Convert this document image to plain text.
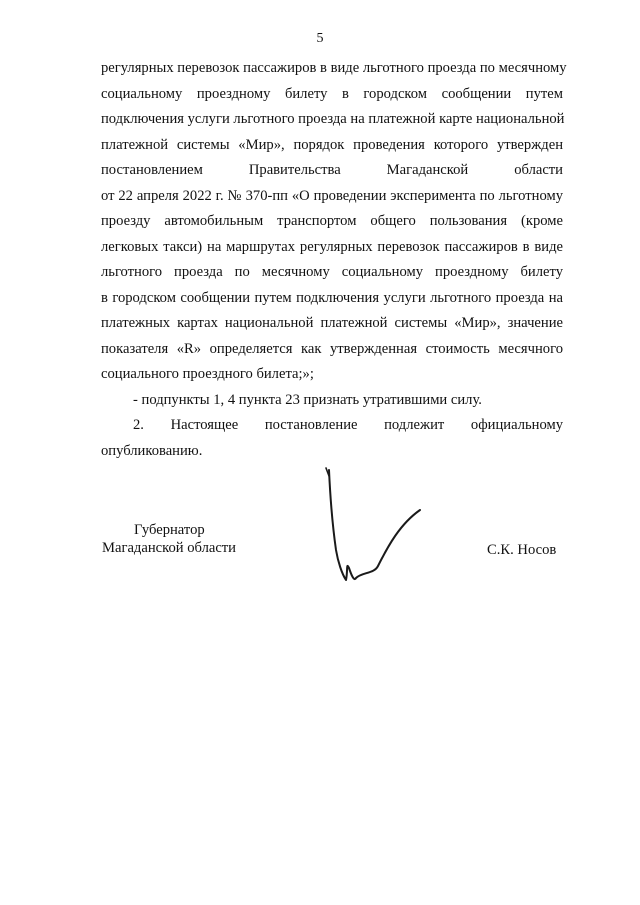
5
регулярных перевозок пассажиров в виде льготного проезда по месячному
социальному проездному билету в городском сообщении путем
подключения услуги льготного проезда на платежной карте национальной
платежной системы «Мир», порядок проведения которого утвержден
постановлением Правительства Магаданской области
от 22 апреля 2022 г. № 370-пп «О проведении эксперимента по льготному
проезду автомобильным транспортом общего пользования (кроме
легковых такси) на маршрутах регулярных перевозок пассажиров в виде
льготного проезда по месячному социальному проездному билету
в городском сообщении путем подключения услуги льготного проезда на
платежных картах национальной платежной системы «Мир», значение
показателя «R» определяется как утвержденная стоимость месячного
социального проездного билета;»;
- подпункты 1, 4 пункта 23 признать утратившими силу.
2. Настоящее постановление подлежит официальному
опубликованию.
Губернатор
Магаданской области	С.К. Носов
